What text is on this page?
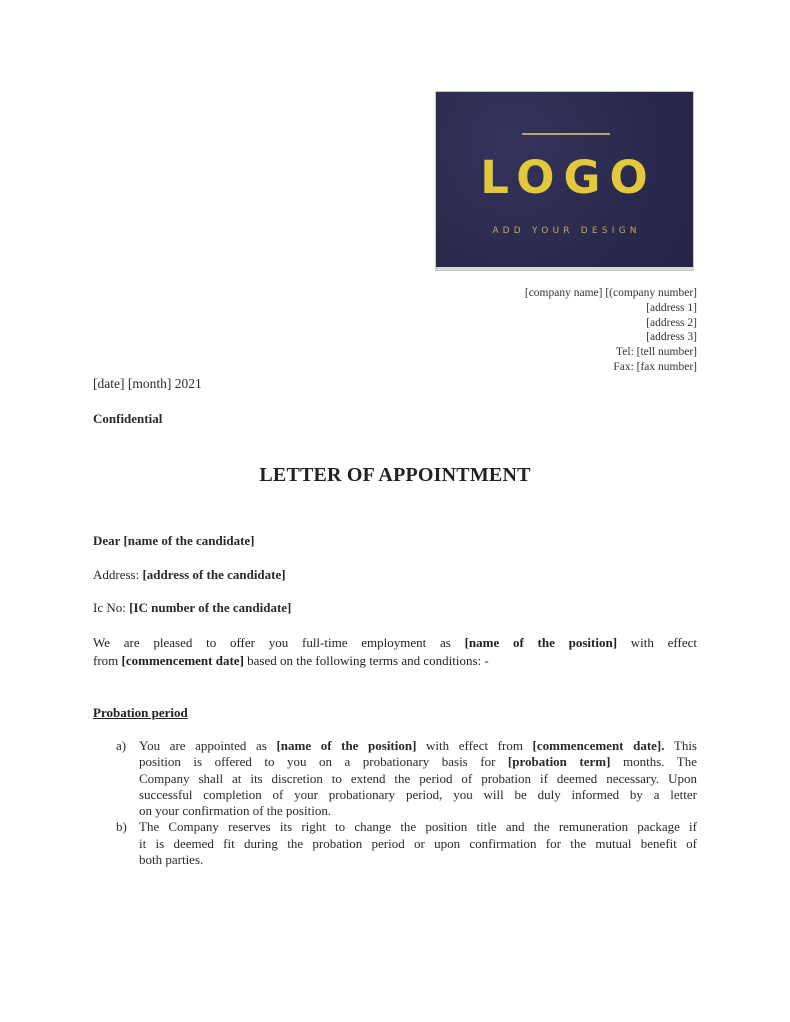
LOGO
ADD YOUR DESIGN
[company name] [(company number]
[address 1]
[address 2]
[address 3]
Tel: [tell number]
Fax: [fax number]
[date] [month] 2021
Confidential
LETTER OF APPOINTMENT
Dear [name of the candidate]
Address: [address of the candidate]
Ic No: [IC number of the candidate]
We are pleased to offer you full-time employment as [name of the position] with effect
from [commencement date] based on the following terms and conditions: -
Probation period
a) You are appointed as [name of the position] with effect from [commencement date]. This
position is offered to you on a probationary basis for [probation term] months. The
Company shall at its discretion to extend the period of probation if deemed necessary. Upon
successful completion of your probationary period, you will be duly informed by a letter
on your confirmation of the position.
b) The Company reserves its right to change the position title and the remuneration package if
it is deemed fit during the probation period or upon confirmation for the mutual benefit of
both parties.
